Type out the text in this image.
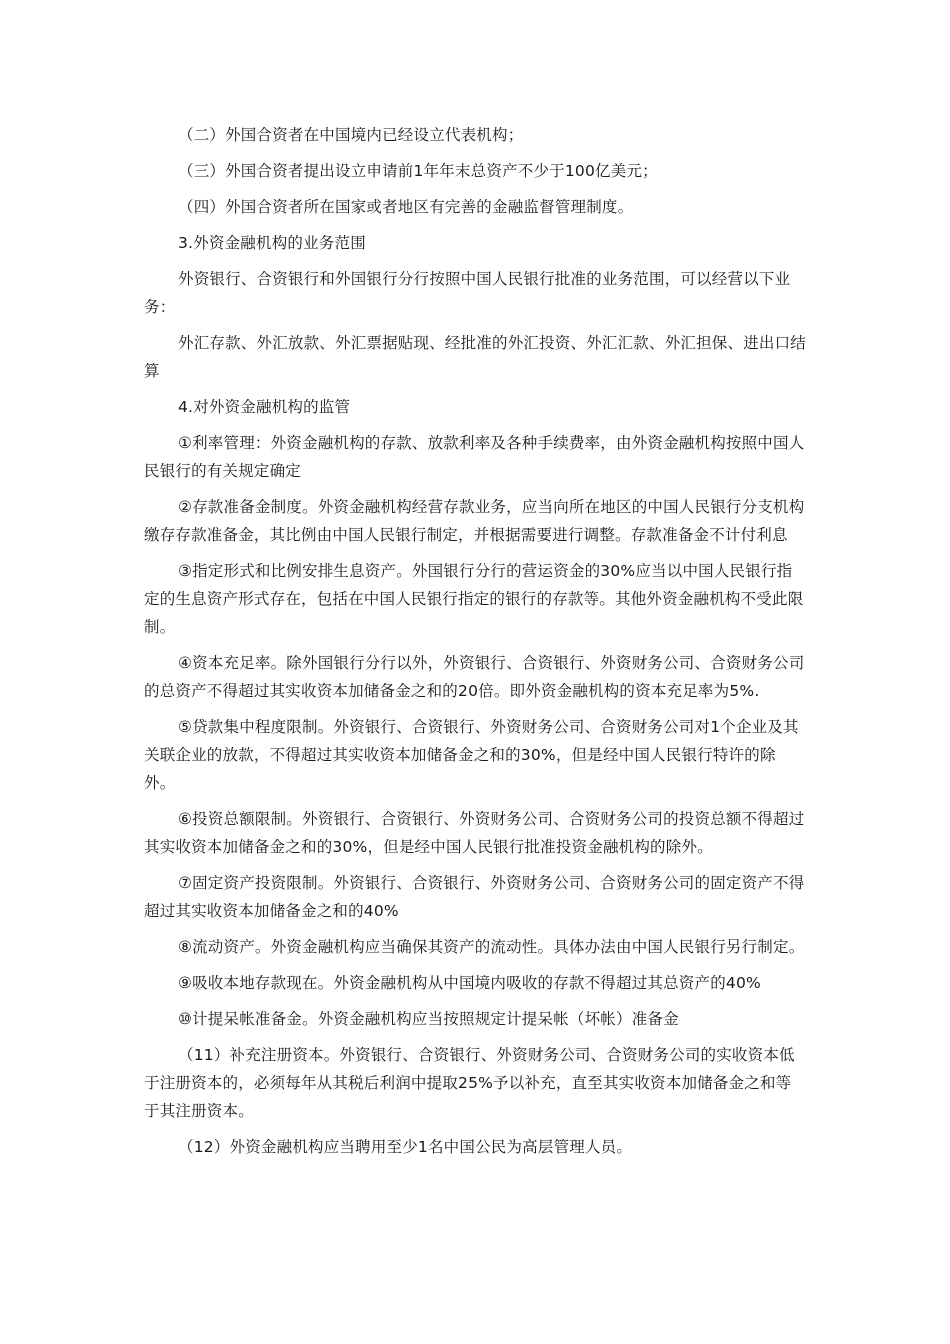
（二）外国合资者在中国境内已经设立代表机构；

（三）外国合资者提出设立申请前1年年末总资产不少于100亿美元；

（四）外国合资者所在国家或者地区有完善的金融监督管理制度。

3.外资金融机构的业务范围

外资银行、合资银行和外国银行分行按照中国人民银行批准的业务范围，可以经营以下业务：

外汇存款、外汇放款、外汇票据贴现、经批准的外汇投资、外汇汇款、外汇担保、进出口结算

4.对外资金融机构的监管

①利率管理：外资金融机构的存款、放款利率及各种手续费率，由外资金融机构按照中国人民银行的有关规定确定

②存款准备金制度。外资金融机构经营存款业务，应当向所在地区的中国人民银行分支机构缴存存款准备金，其比例由中国人民银行制定，并根据需要进行调整。存款准备金不计付利息

③指定形式和比例安排生息资产。外国银行分行的营运资金的30%应当以中国人民银行指定的生息资产形式存在，包括在中国人民银行指定的银行的存款等。其他外资金融机构不受此限制。

④资本充足率。除外国银行分行以外，外资银行、合资银行、外资财务公司、合资财务公司的总资产不得超过其实收资本加储备金之和的20倍。即外资金融机构的资本充足率为5%.

⑤贷款集中程度限制。外资银行、合资银行、外资财务公司、合资财务公司对1个企业及其关联企业的放款，不得超过其实收资本加储备金之和的30%，但是经中国人民银行特许的除外。

⑥投资总额限制。外资银行、合资银行、外资财务公司、合资财务公司的投资总额不得超过其实收资本加储备金之和的30%，但是经中国人民银行批准投资金融机构的除外。

⑦固定资产投资限制。外资银行、合资银行、外资财务公司、合资财务公司的固定资产不得超过其实收资本加储备金之和的40%

⑧流动资产。外资金融机构应当确保其资产的流动性。具体办法由中国人民银行另行制定。

⑨吸收本地存款现在。外资金融机构从中国境内吸收的存款不得超过其总资产的40%

⑩计提呆帐准备金。外资金融机构应当按照规定计提呆帐（坏帐）准备金

（11）补充注册资本。外资银行、合资银行、外资财务公司、合资财务公司的实收资本低于注册资本的，必须每年从其税后利润中提取25%予以补充，直至其实收资本加储备金之和等于其注册资本。

（12）外资金融机构应当聘用至少1名中国公民为高层管理人员。
